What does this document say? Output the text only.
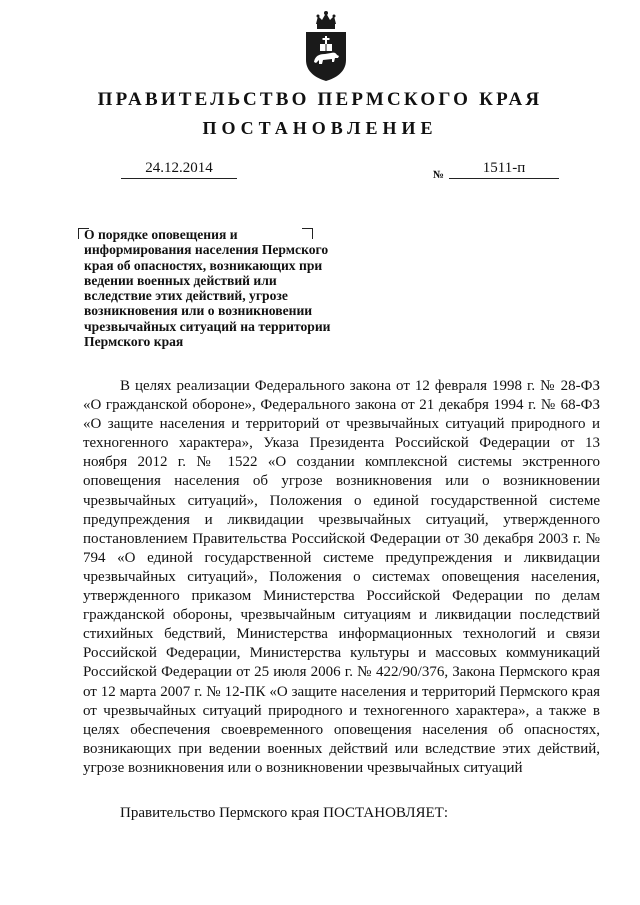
ПРАВИТЕЛЬСТВО ПЕРМСКОГО КРАЯ
ПОСТАНОВЛЕНИЕ
24.12.2014	№	1511-п

О порядке оповещения и информирования населения Пермского края об опасностях, возникающих при ведении военных действий или вследствие этих действий, угрозе возникновения или о возникновении чрезвычайных ситуаций на территории Пермского края

В целях реализации Федерального закона от 12 февраля 1998 г. № 28-ФЗ «О гражданской обороне», Федерального закона от 21 декабря 1994 г. № 68-ФЗ «О защите населения и территорий от чрезвычайных ситуаций природного и техногенного характера», Указа Президента Российской Федерации от 13 ноября 2012 г. № 1522 «О создании комплексной системы экстренного оповещения населения об угрозе возникновения или о возникновении чрезвычайных ситуаций», Положения о единой государственной системе предупреждения и ликвидации чрезвычайных ситуаций, утвержденного постановлением Правительства Российской Федерации от 30 декабря 2003 г. № 794 «О единой государственной системе предупреждения и ликвидации чрезвычайных ситуаций», Положения о системах оповещения населения, утвержденного приказом Министерства Российской Федерации по делам гражданской обороны, чрезвычайным ситуациям и ликвидации последствий стихийных бедствий, Министерства информационных технологий и связи Российской Федерации, Министерства культуры и массовых коммуникаций Российской Федерации от 25 июля 2006 г. № 422/90/376, Закона Пермского края от 12 марта 2007 г. № 12-ПК «О защите населения и территорий Пермского края от чрезвычайных ситуаций природного и техногенного характера», а также в целях обеспечения своевременного оповещения населения об опасностях, возникающих при ведении военных действий или вследствие этих действий, угрозе возникновения или о возникновении чрезвычайных ситуаций

Правительство Пермского края ПОСТАНОВЛЯЕТ:
